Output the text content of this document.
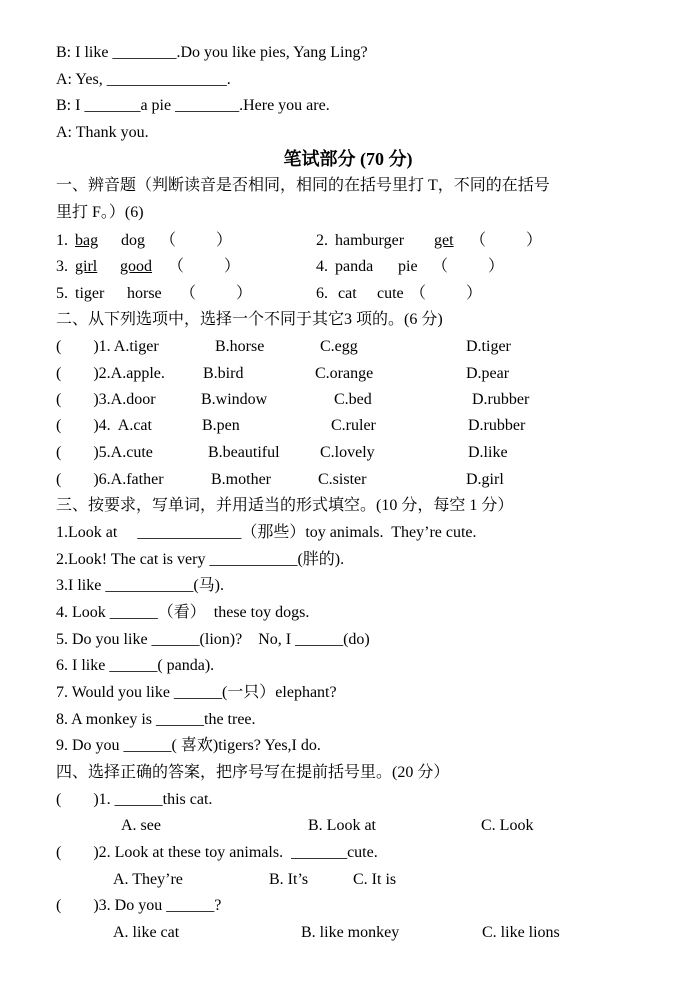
B: I like ________.Do you like pies, Yang Ling?
A: Yes, _______________.
B: I _______a pie ________.Here you are.
A: Thank you.
笔试部分 (70 分)
一、辨音题（判断读音是否相同，相同的在括号里打 T，不同的在括号
里打 F。）(6)
1. bag dog （          ）	2. hamburger get （          ）
3. girl good （          ）	4. panda pie （          ）
5. tiger horse （          ）	6. cat cute （          ）
二、从下列选项中，选择一个不同于其它3 项的。(6 分)
(        )1. A.tiger	B.horse	C.egg	D.tiger
(        )2.A.apple. B.bird	C.orange	D.pear
(        )3.A.door	B.window	C.bed	D.rubber
(        )4.  A.cat	B.pen	C.ruler	D.rubber
(        )5.A.cute	B.beautiful	C.lovely	D.like
(        )6.A.father	B.mother	C.sister	D.girl
三、按要求，写单词，并用适当的形式填空。(10 分，每空 1 分）
1.Look at     _____________（那些）toy animals.  They’re cute.
2.Look! The cat is very ___________(胖的).
3.I like ___________(马).
4. Look ______（看）  these toy dogs.
5. Do you like ______(lion)?    No, I ______(do)
6. I like ______( panda).
7. Would you like ______(一只）elephant?
8. A monkey is ______the tree.
9. Do you ______( 喜欢)tigers? Yes,I do.
四、选择正确的答案，把序号写在提前括号里。(20 分）
(        )1. ______this cat.
A. see	B. Look at	C. Look
(        )2. Look at these toy animals.  _______cute.
A. They’re	B. It’s	C. It is
(        )3. Do you ______?
A. like cat	B. like monkey	C. like lions
